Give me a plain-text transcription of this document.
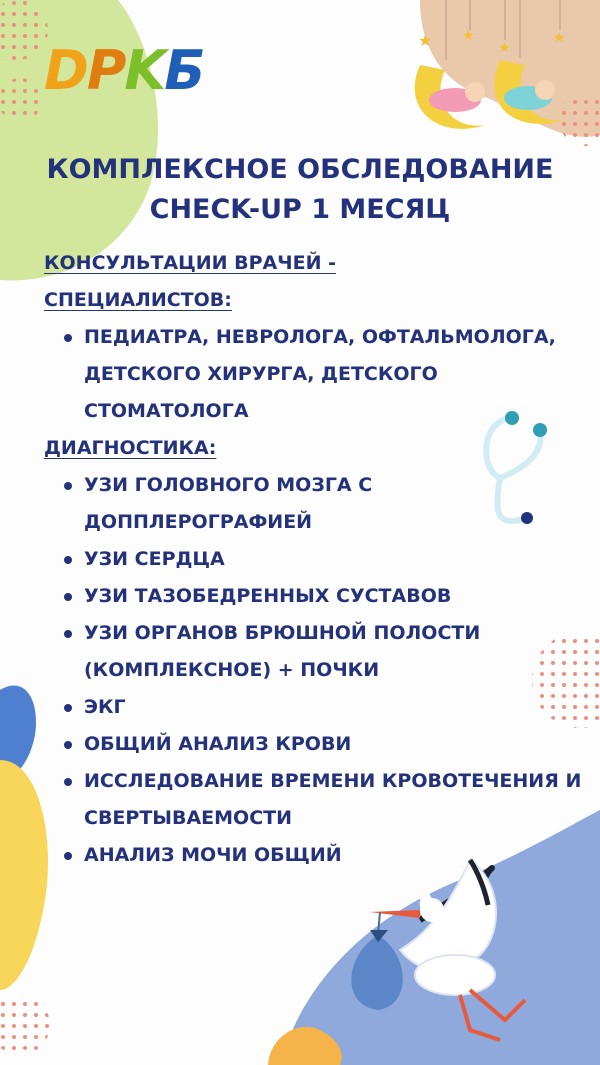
★ ★
★
★
DPKБ
КОМПЛЕКСНОЕ ОБСЛЕДОВАНИЕ
CHECK-UP 1 МЕСЯЦ
КОНСУЛЬТАЦИИ ВРАЧЕЙ - СПЕЦИАЛИСТОВ:
ПЕДИАТРА, НЕВРОЛОГА, ОФТАЛЬМОЛОГА, ДЕТСКОГО ХИРУРГА, ДЕТСКОГО СТОМАТОЛОГА
ДИАГНОСТИКА:
УЗИ ГОЛОВНОГО МОЗГА С ДОППЛЕРОГРАФИЕЙ
УЗИ СЕРДЦА
УЗИ ТАЗОБЕДРЕННЫХ СУСТАВОВ
УЗИ ОРГАНОВ БРЮШНОЙ ПОЛОСТИ (КОМПЛЕКСНОЕ) + ПОЧКИ
ЭКГ
ОБЩИЙ АНАЛИЗ КРОВИ
ИССЛЕДОВАНИЕ ВРЕМЕНИ КРОВОТЕЧЕНИЯ И СВЕРТЫВАЕМОСТИ
АНАЛИЗ МОЧИ ОБЩИЙ
